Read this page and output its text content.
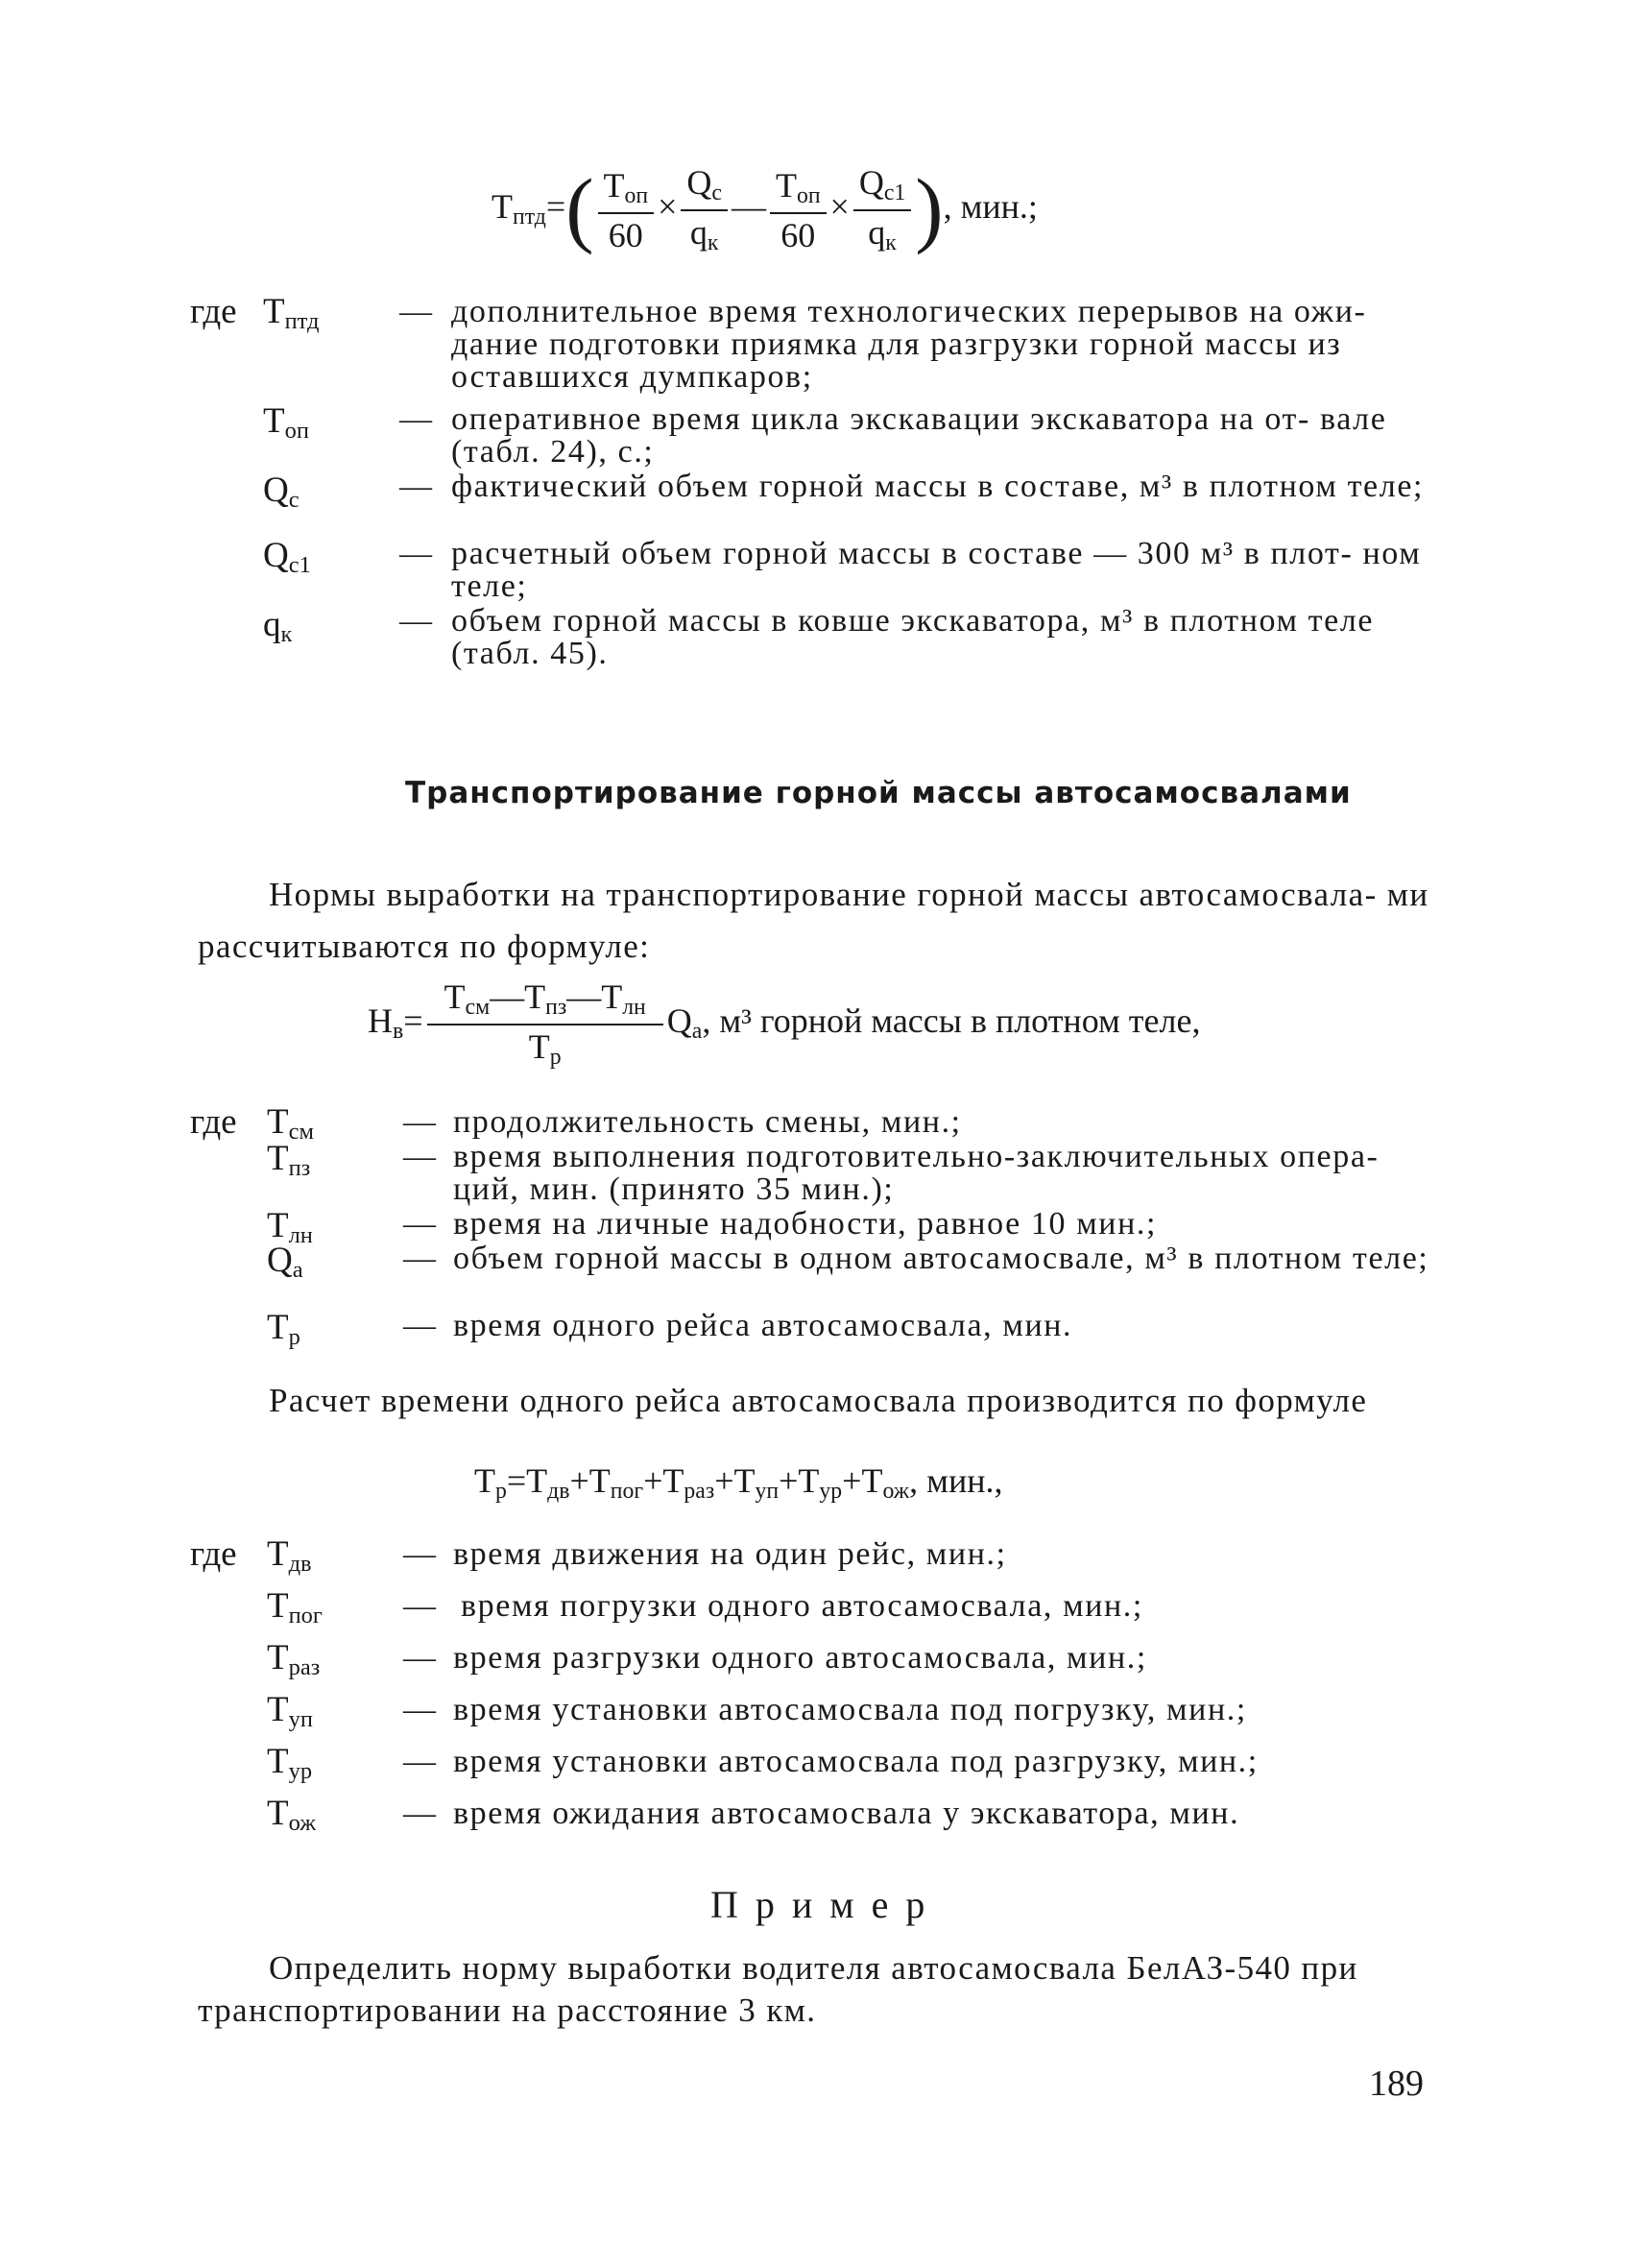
$Т_{птд}=( \frac{Т_{оп}}{60} \times \frac{Q_с}{q_к}$ — $\frac{Т_{оп}}{60} \times \frac{Q_{с1}}{q_к}$ ), мин.;
где $Т_{птд}$ — дополнительное время технологических перерывов на ожи- дание подготовки приямка для разгрузки горной массы из оставшихся думпкаров;
$Т_{оп}$	— оперативное время цикла экскавации экскаватора на от- вале (табл. 24), с.;
$Q_с$	— фактический объем горной массы в составе, м³ в плотном теле;
$Q_{с1}$	— расчетный объем горной массы в составе — 300 м³ в плот- ном теле;
$q_к$	— объем горной массы в ковше экскаватора, м³ в плотном теле (табл. 45).
Транспортирование горной массы автосамосвалами
Нормы выработки на транспортирование горной массы автосамосвала- ми рассчитываются по формуле:
$Н_в= \frac{Т_{см}—Т_{пз}—Т_{лн}}{Т_р} Q_а$, м³ горной массы в плотном теле,
где $Т_{см}$	— продолжительность смены, мин.;
$Т_{пз}$	— время выполнения подготовительно-заключительных опера- ций, мин. (принято 35 мин.);
$Т_{лн}$	— время на личные надобности, равное 10 мин.;
$Q_а$	— объем горной массы в одном автосамосвале, м³ в плотном теле;
$Т_р$	— время одного рейса автосамосвала, мин.
Расчет времени одного рейса автосамосвала производится по формуле
$Т_р=Т_{дв}+Т_{пог}+Т_{раз}+Т_{уп}+Т_{ур}+Т_{ож}$, мин.,
где $Т_{дв}$	— время движения на один рейс, мин.;
$Т_{пог}$ — время погрузки одного автосамосвала, мин.;
$Т_{раз}$	— время разгрузки одного автосамосвала, мин.;
$Т_{уп}$	— время установки автосамосвала под погрузку, мин.;
$Т_{ур}$	— время установки автосамосвала под разгрузку, мин.;
$Т_{ож}$	— время ожидания автосамосвала у экскаватора, мин.
Пример
Определить норму выработки водителя автосамосвала БелАЗ-540 при транспортировании на расстояние 3 км.
189
